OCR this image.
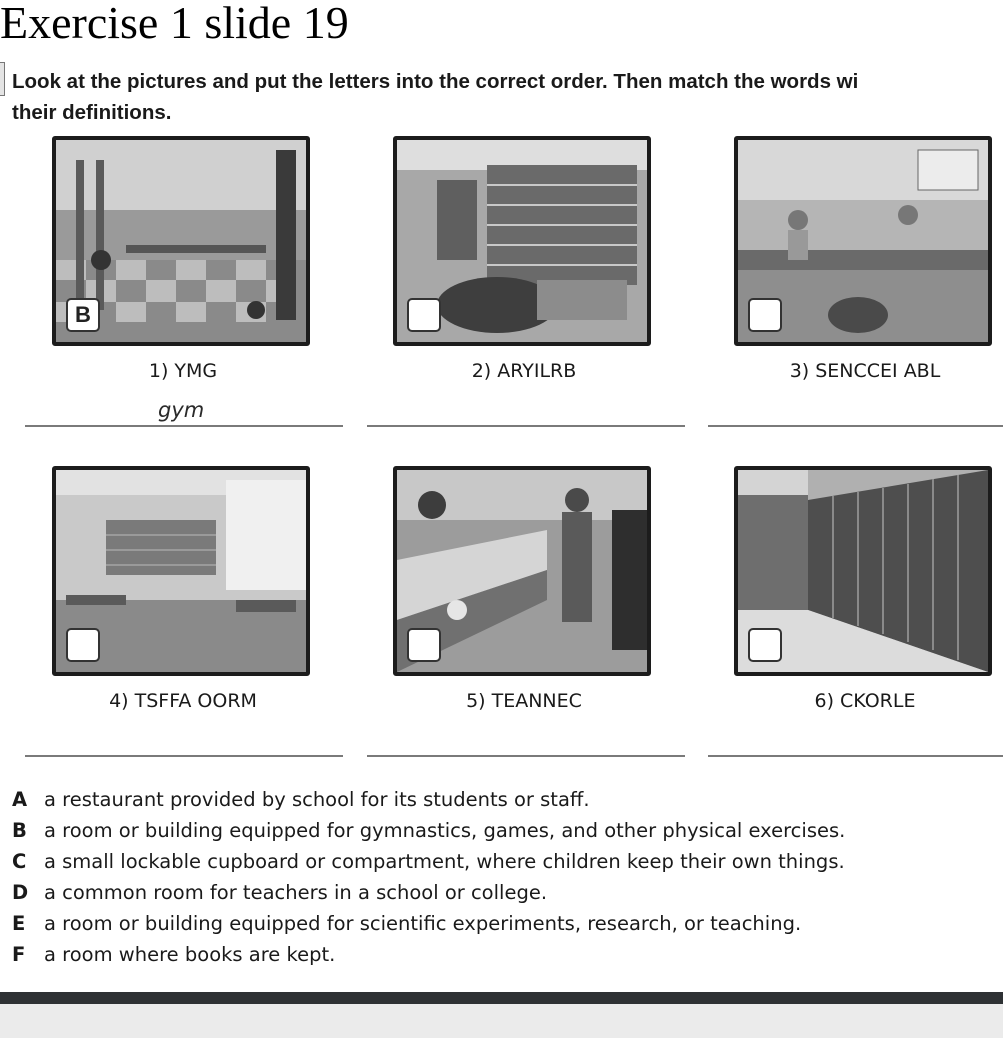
Exercise 1 slide 19
Look at the pictures and put the letters into the correct order. Then match the words wi
their definitions.
B
1) YMG	2) ARYILRB	3) SENCCEI ABL
gym
4) TSFFA OORM	5) TEANNEC	6) CKORLE
A a restaurant provided by school for its students or staff.
B a room or building equipped for gymnastics, games, and other physical exercises.
C a small lockable cupboard or compartment, where children keep their own things.
D a common room for teachers in a school or college.
E a room or building equipped for scientific experiments, research, or teaching.
F a room where books are kept.
